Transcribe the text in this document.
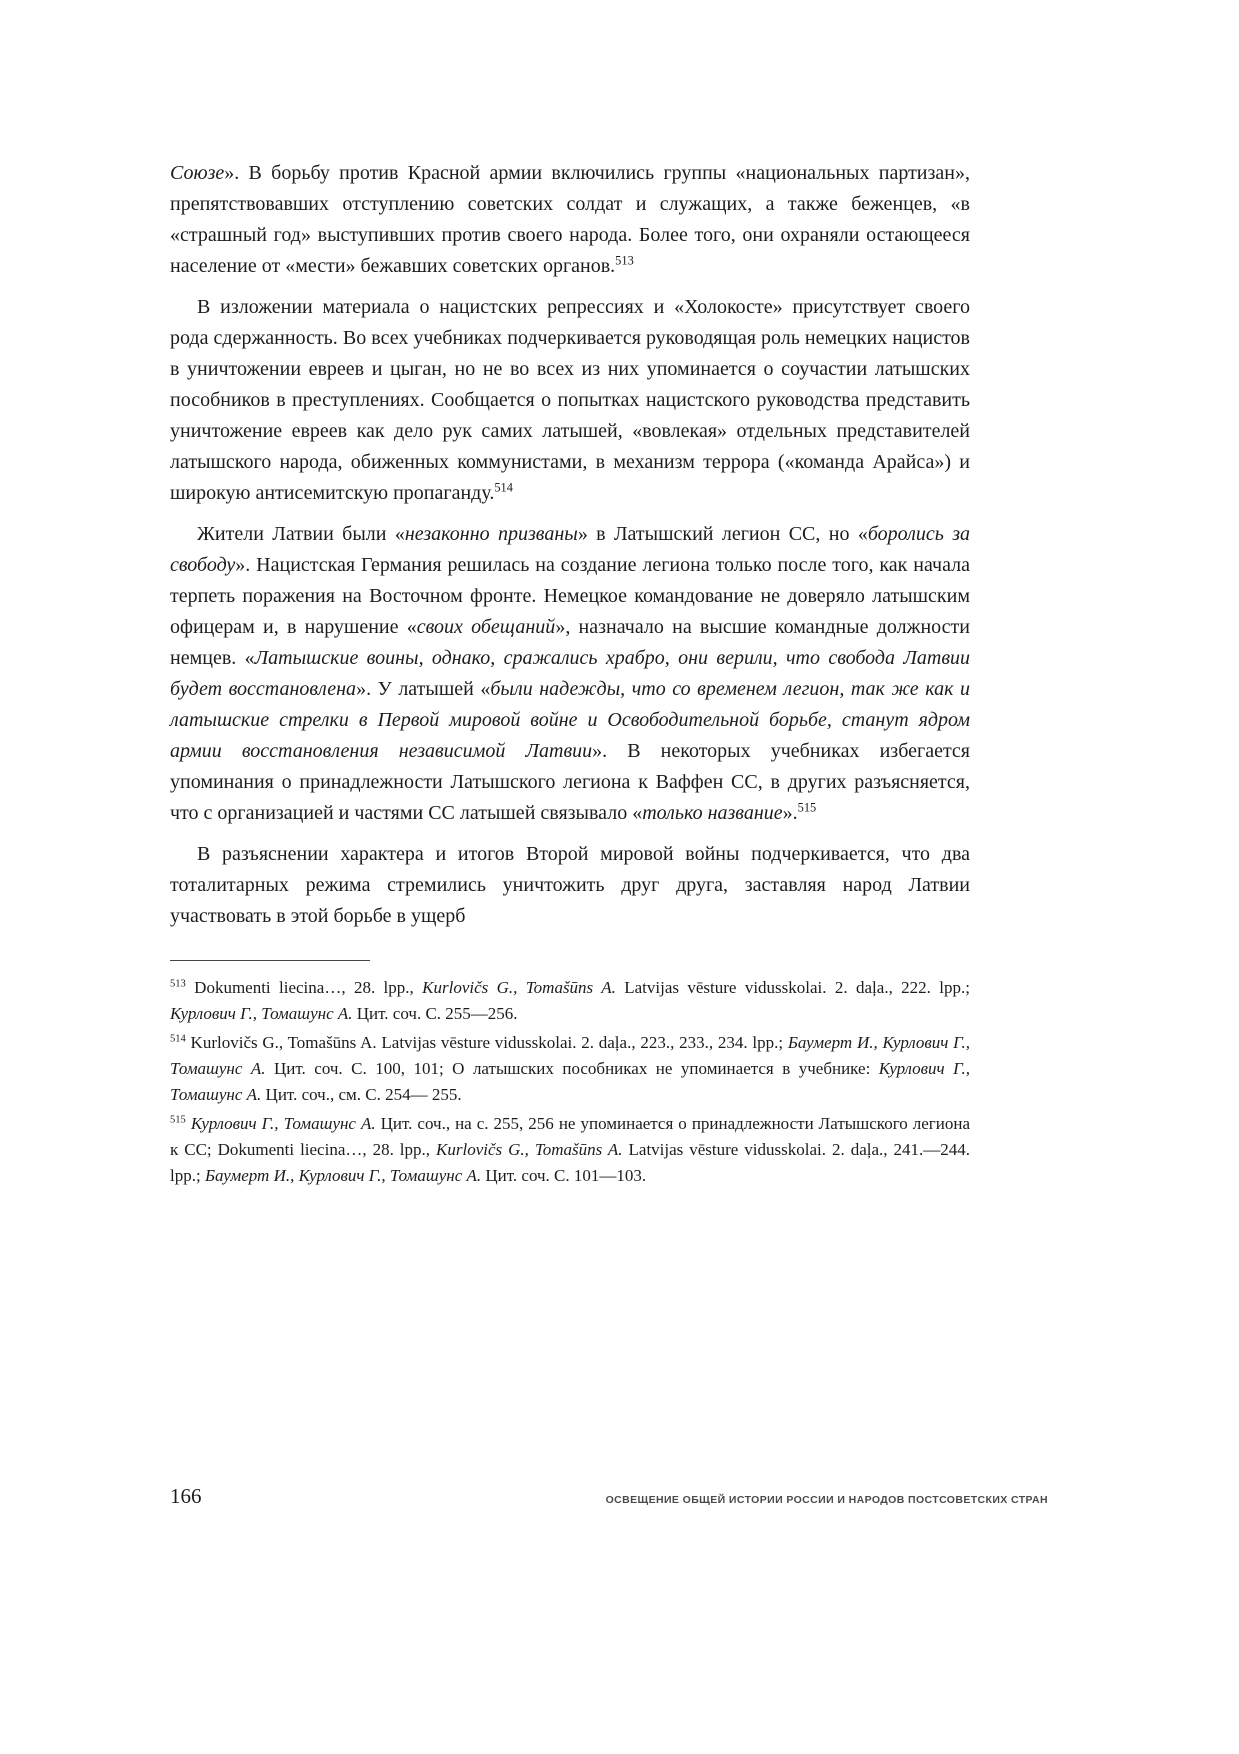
Союзе». В борьбу против Красной армии включились группы «национальных партизан», препятствовавших отступлению советских солдат и служащих, а также беженцев, «в «страшный год» выступивших против своего народа. Более того, они охраняли остающееся население от «мести» бежавших советских органов.$^{513}$

В изложении материала о нацистских репрессиях и «Холокосте» присутствует своего рода сдержанность. Во всех учебниках подчеркивается руководящая роль немецких нацистов в уничтожении евреев и цыган, но не во всех из них упоминается о соучастии латышских пособников в преступлениях. Сообщается о попытках нацистского руководства представить уничтожение евреев как дело рук самих латышей, «вовлекая» отдельных представителей латышского народа, обиженных коммунистами, в механизм террора («команда Арайса») и широкую антисемитскую пропаганду.$^{514}$

Жители Латвии были «незаконно призваны» в Латышский легион СС, но «боролись за свободу». Нацистская Германия решилась на создание легиона только после того, как начала терпеть поражения на Восточном фронте. Немецкое командование не доверяло латышским офицерам и, в нарушение «своих обещаний», назначало на высшие командные должности немцев. «Латышские воины, однако, сражались храбро, они верили, что свобода Латвии будет восстановлена». У латышей «были надежды, что со временем легион, так же как и латышские стрелки в Первой мировой войне и Освободительной борьбе, станут ядром армии восстановления независимой Латвии». В некоторых учебниках избегается упоминания о принадлежности Латышского легиона к Ваффен СС, в других разъясняется, что с организацией и частями СС латышей связывало «только название».$^{515}$

В разъяснении характера и итогов Второй мировой войны подчеркивается, что два тоталитарных режима стремились уничтожить друг друга, заставляя народ Латвии участвовать в этой борьбе в ущерб

$^{513}$ Dokumenti liecina…, 28. lpp., Kurlovičs G., Tomašūns A. Latvijas vēsture vidusskolai. 2. daļa., 222. lpp.; Курлович Г., Томашунс А. Цит. соч. С. 255—256.

$^{514}$ Kurlovičs G., Tomašūns A. Latvijas vēsture vidusskolai. 2. daļa., 223., 233., 234. lpp.; Баумерт И., Курлович Г., Томашунс А. Цит. соч. С. 100, 101; О латышских пособниках не упоминается в учебнике: Курлович Г., Томашунс А. Цит. соч., см. С. 254— 255.

$^{515}$ Курлович Г., Томашунс А. Цит. соч., на с. 255, 256 не упоминается о принадлежности Латышского легиона к СС; Dokumenti liecina…, 28. lpp., Kurlovičs G., Tomašūns A. Latvijas vēsture vidusskolai. 2. daļa., 241.—244. lpp.; Баумерт И., Курлович Г., Томашунс А. Цит. соч. С. 101—103.

166	ОСВЕЩЕНИЕ ОБЩЕЙ ИСТОРИИ РОССИИ И НАРОДОВ ПОСТСОВЕТСКИХ СТРАН
